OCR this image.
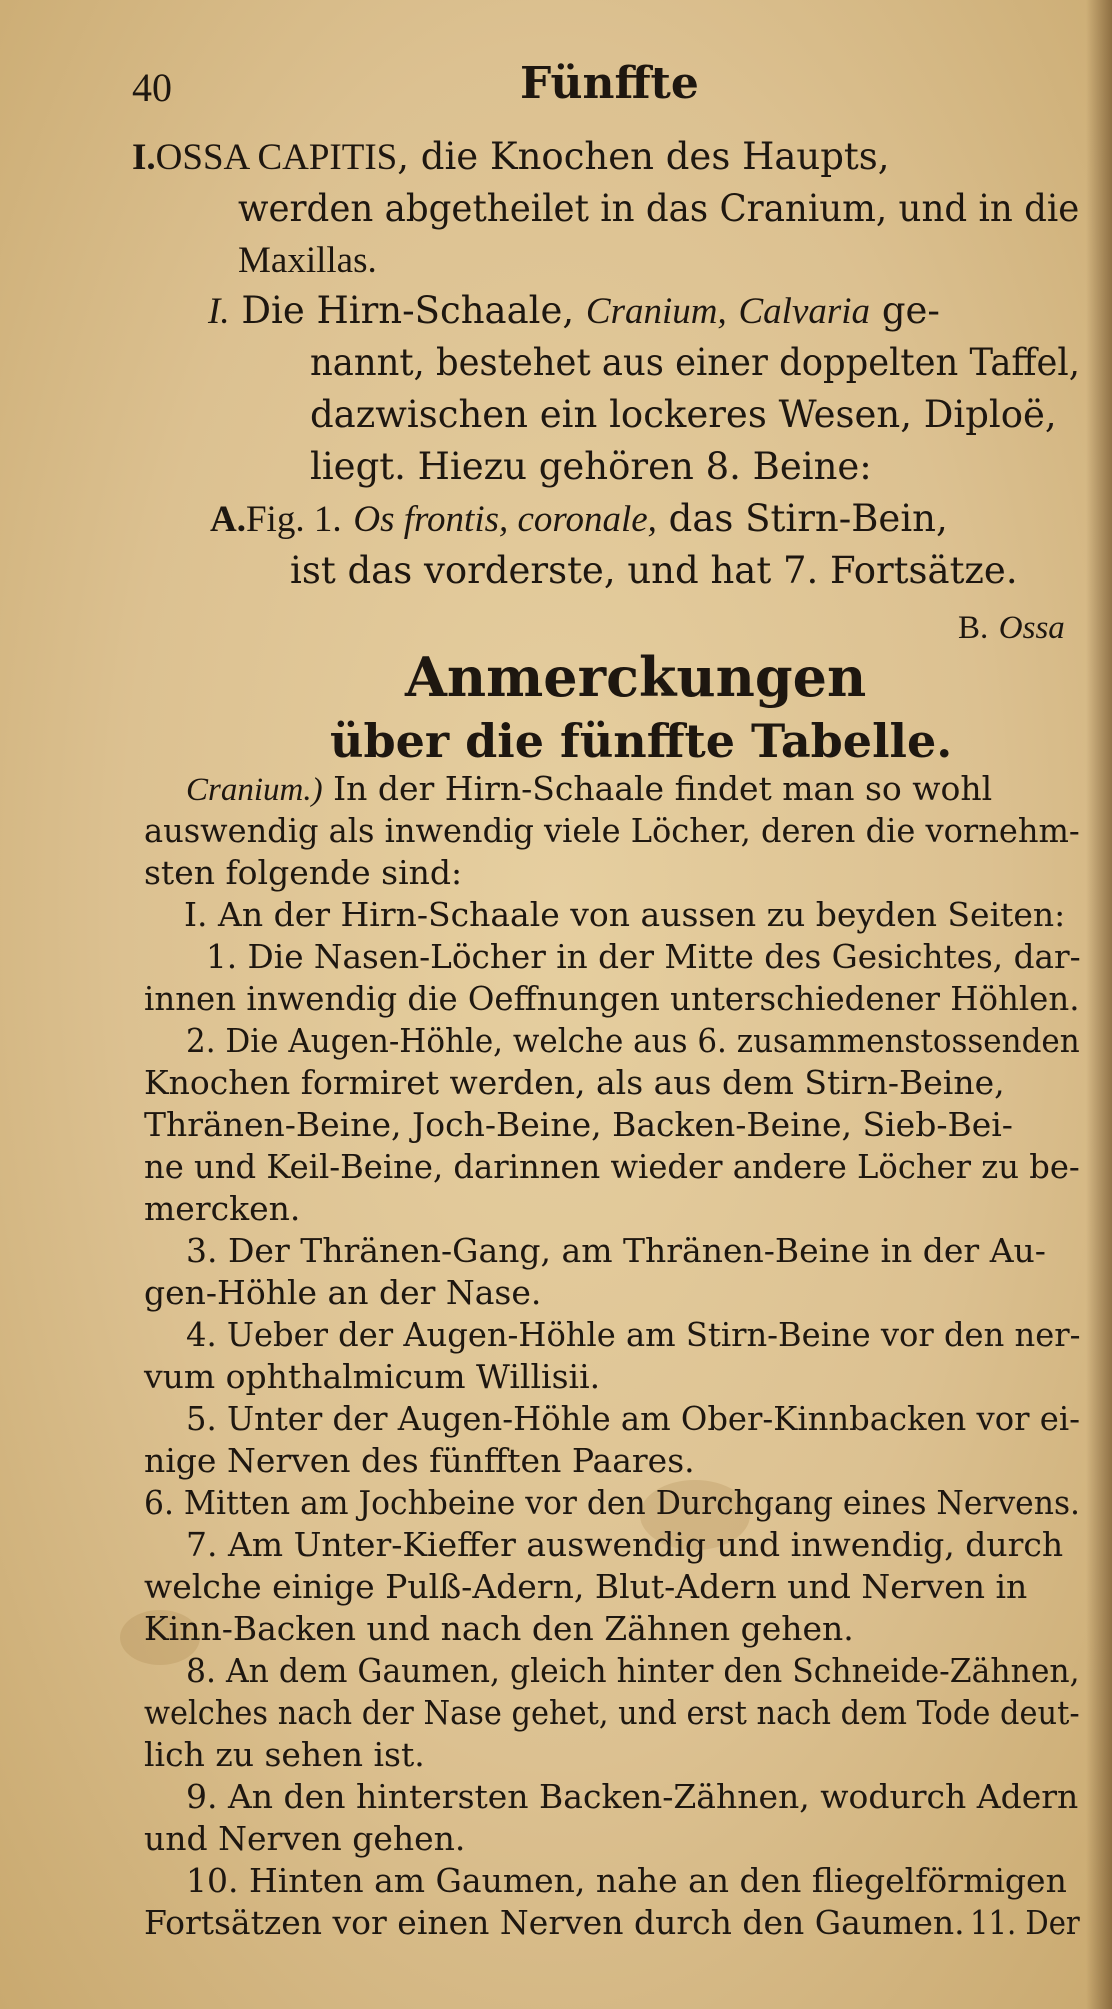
40	Fünffte
I.OSSA CAPITIS, die Knochen des Haupts,
werden abgetheilet in das Cranium, und in die
Maxillas.
I. Die Hirn-Schaale, Cranium, Calvaria ge-
nannt, bestehet aus einer doppelten Taffel,
dazwischen ein lockeres Wesen, Diploë,
liegt. Hiezu gehören 8. Beine:
A.Fig. 1. Os frontis, coronale, das Stirn-Bein,
ist das vorderste, und hat 7. Fortsätze.
B. Ossa
Anmerckungen
über die fünffte Tabelle.
Cranium.) In der Hirn-Schaale findet man so wohl
auswendig als inwendig viele Löcher, deren die vornehm-
sten folgende sind:
I. An der Hirn-Schaale von aussen zu beyden Seiten:
1. Die Nasen-Löcher in der Mitte des Gesichtes, dar-
innen inwendig die Oeffnungen unterschiedener Höhlen.
2. Die Augen-Höhle, welche aus 6. zusammenstossenden
Knochen formiret werden, als aus dem Stirn-Beine,
Thränen-Beine, Joch-Beine, Backen-Beine, Sieb-Bei-
ne und Keil-Beine, darinnen wieder andere Löcher zu be-
mercken.
3. Der Thränen-Gang, am Thränen-Beine in der Au-
gen-Höhle an der Nase.
4. Ueber der Augen-Höhle am Stirn-Beine vor den ner-
vum ophthalmicum Willisii.
5. Unter der Augen-Höhle am Ober-Kinnbacken vor ei-
nige Nerven des fünfften Paares.
6. Mitten am Jochbeine vor den Durchgang eines Nervens.
7. Am Unter-Kieffer auswendig und inwendig, durch
welche einige Pulß-Adern, Blut-Adern und Nerven in
Kinn-Backen und nach den Zähnen gehen.
8. An dem Gaumen, gleich hinter den Schneide-Zähnen,
welches nach der Nase gehet, und erst nach dem Tode deut-
lich zu sehen ist.
9. An den hintersten Backen-Zähnen, wodurch Adern
und Nerven gehen.
10. Hinten am Gaumen, nahe an den fliegelförmigen
Fortsätzen vor einen Nerven durch den Gaumen. 11. Der
